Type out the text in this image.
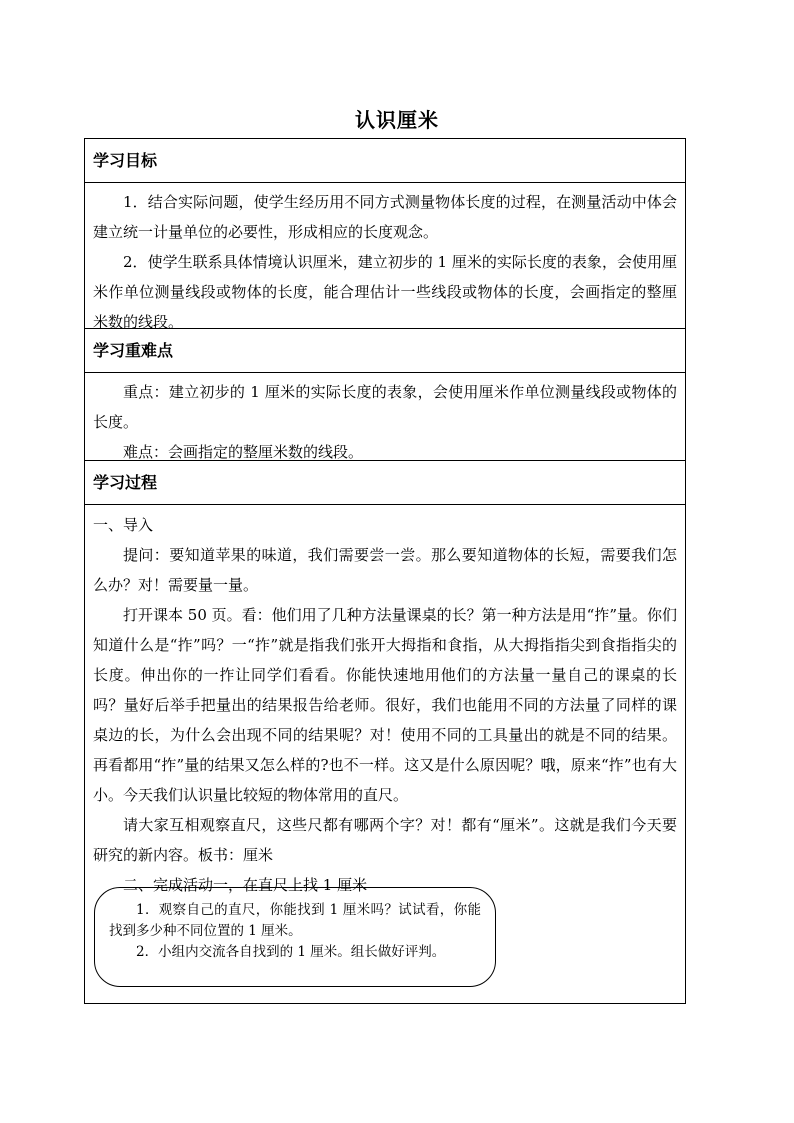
认识厘米
学习目标

1．结合实际问题，使学生经历用不同方式测量物体长度的过程，在测量活动中体会建立统一计量单位的必要性，形成相应的长度观念。

2．使学生联系具体情境认识厘米，建立初步的 1 厘米的实际长度的表象，会使用厘米作单位测量线段或物体的长度，能合理估计一些线段或物体的长度，会画指定的整厘米数的线段。

学习重难点

重点：建立初步的 1 厘米的实际长度的表象，会使用厘米作单位测量线段或物体的长度。

难点：会画指定的整厘米数的线段。

学习过程

一、导入

提问：要知道苹果的味道，我们需要尝一尝。那么要知道物体的长短，需要我们怎么办？对！需要量一量。

打开课本 50 页。看：他们用了几种方法量课桌的长？第一种方法是用“拃”量。你们知道什么是“拃”吗？一“拃”就是指我们张开大拇指和食指，从大拇指指尖到食指指尖的长度。伸出你的一拃让同学们看看。你能快速地用他们的方法量一量自己的课桌的长吗？量好后举手把量出的结果报告给老师。很好，我们也能用不同的方法量了同样的课桌边的长，为什么会出现不同的结果呢？对！使用不同的工具量出的就是不同的结果。再看都用“拃”量的结果又怎么样的?也不一样。这又是什么原因呢？哦，原来“拃”也有大小。今天我们认识量比较短的物体常用的直尺。

请大家互相观察直尺，这些尺都有哪两个字？对！都有“厘米”。这就是我们今天要研究的新内容。板书：厘米

二、完成活动一，在直尺上找 1 厘米

1．观察自己的直尺，你能找到 1 厘米吗？试试看，你能找到多少种不同位置的 1 厘米。

2．小组内交流各自找到的 1 厘米。组长做好评判。
